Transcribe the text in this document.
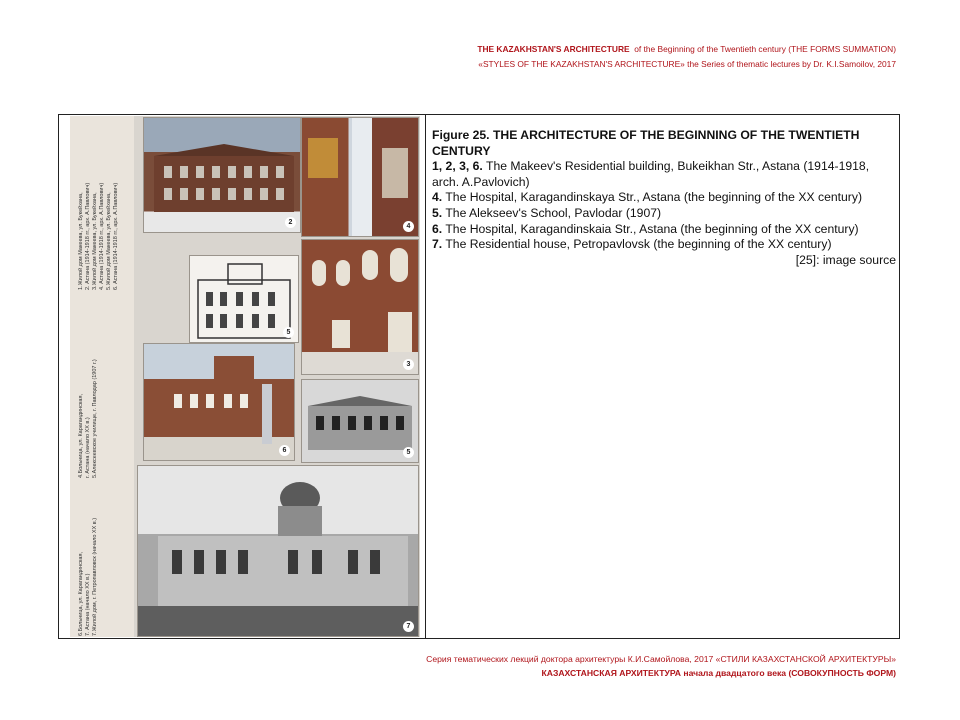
THE KAZAKHSTAN'S ARCHITECTURE of the Beginning of the Twentieth century (THE FORMS SUMMATION)
«STYLES OF THE KAZAKHSTAN'S ARCHITECTURE» the Series of thematic lectures by Dr. K.I.Samoilov, 2017
1.Жилой дом Макеева, ул. Букейхана,
2. Астана (1914-1918 гг., арх. А.Павлович)
3.Жилой дом Макеева, ул. Букейхана,
4. Астана (1914-1918 гг., арх. А.Павлович)
5.Жилой дом Макеева, ул. Букейхана,
6. Астана (1914-1918 гг., арх. А.Павлович)
4.Больница, ул. Карагандинская,
г. Астана (начало XX в.)
5.Алексеевское училище, г. Павлодар (1907 г.)
6.Больница, ул. Карагандинская,
7. Астана (начало XX в.)
7.Жилой дом, г. Петропавловск (начало XX в.)
2
4
5
3
6	5
7

Figure 25. THE ARCHITECTURE OF THE BEGINNING OF THE TWENTIETH CENTURY

1, 2, 3, 6. The Makeev's Residential building, Bukeikhan Str., Astana (1914-1918, arch. A.Pavlovich)

4. The Hospital, Karagandinskaya Str., Astana (the beginning of the XX century)

5. The Alekseev's School, Pavlodar (1907)

6. The Hospital, Karagandinskaia Str., Astana (the beginning of the XX century)

7. The Residential house, Petropavlovsk (the beginning of the XX century)

[25]: image source

Серия тематических лекций доктора архитектуры К.И.Самойлова, 2017 «СТИЛИ КАЗАХСТАНСКОЙ АРХИТЕКТУРЫ»
КАЗАХСТАНСКАЯ АРХИТЕКТУРА начала двадцатого века (СОВОКУПНОСТЬ ФОРМ)
